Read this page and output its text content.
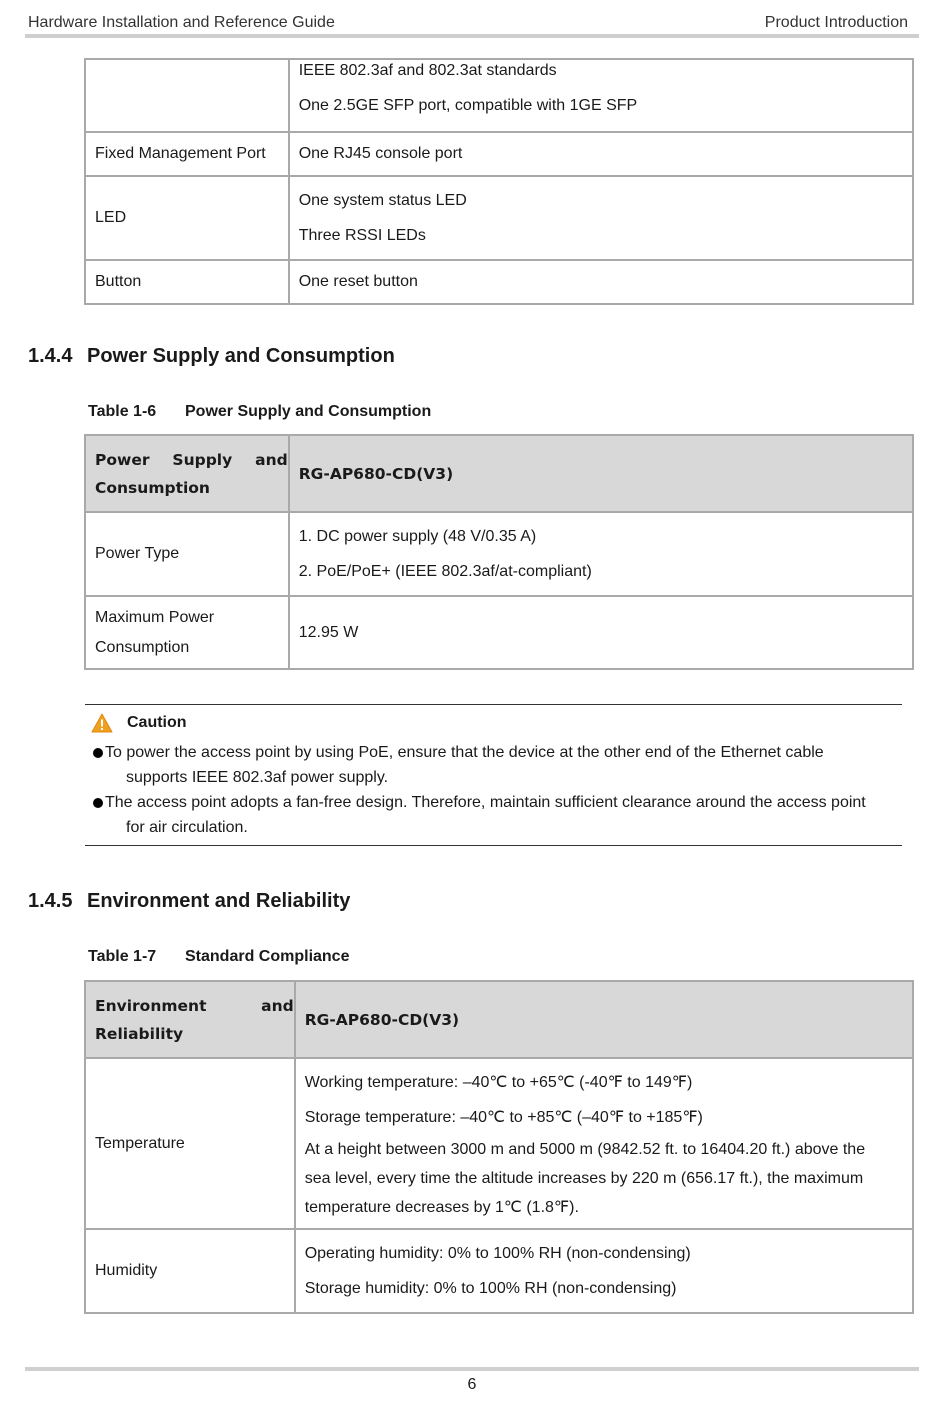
Hardware Installation and Reference Guide	Product Introduction

	IEEE 802.3af and 802.3at standards
One 2.5GE SFP port, compatible with 1GE SFP

Fixed Management Port	One RJ45 console port
LED	One system status LED
Three RSSI LEDs

Button	One reset button
1.4.4 Power Supply and Consumption
Table 1-6 Power Supply and Consumption
Power Supply and
Consumption	RG-AP680-CD(V3)
Power Type	1. DC power supply (48 V/0.35 A)
2. PoE/PoE+ (IEEE 802.3af/at-compliant)

Maximum Power
Consumption	12.95 W
Caution
To power the access point by using PoE, ensure that the device at the other end of the Ethernet cable
supports IEEE 802.3af power supply.
The access point adopts a fan-free design. Therefore, maintain sufficient clearance around the access point
for air circulation.
1.4.5 Environment and Reliability
Table 1-7 Standard Compliance
Environment and
Reliability	RG-AP680-CD(V3)
Temperature	Working temperature: –40℃ to +65℃ (-40℉ to 149℉)
Storage temperature: –40℃ to +85℃ (–40℉ to +185℉)
At a height between 3000 m and 5000 m (9842.52 ft. to 16404.20 ft.) above the
sea level, every time the altitude increases by 220 m (656.17 ft.), the maximum
temperature decreases by 1℃ (1.8℉).

Humidity	Operating humidity: 0% to 100% RH (non-condensing)
Storage humidity: 0% to 100% RH (non-condensing)
6
